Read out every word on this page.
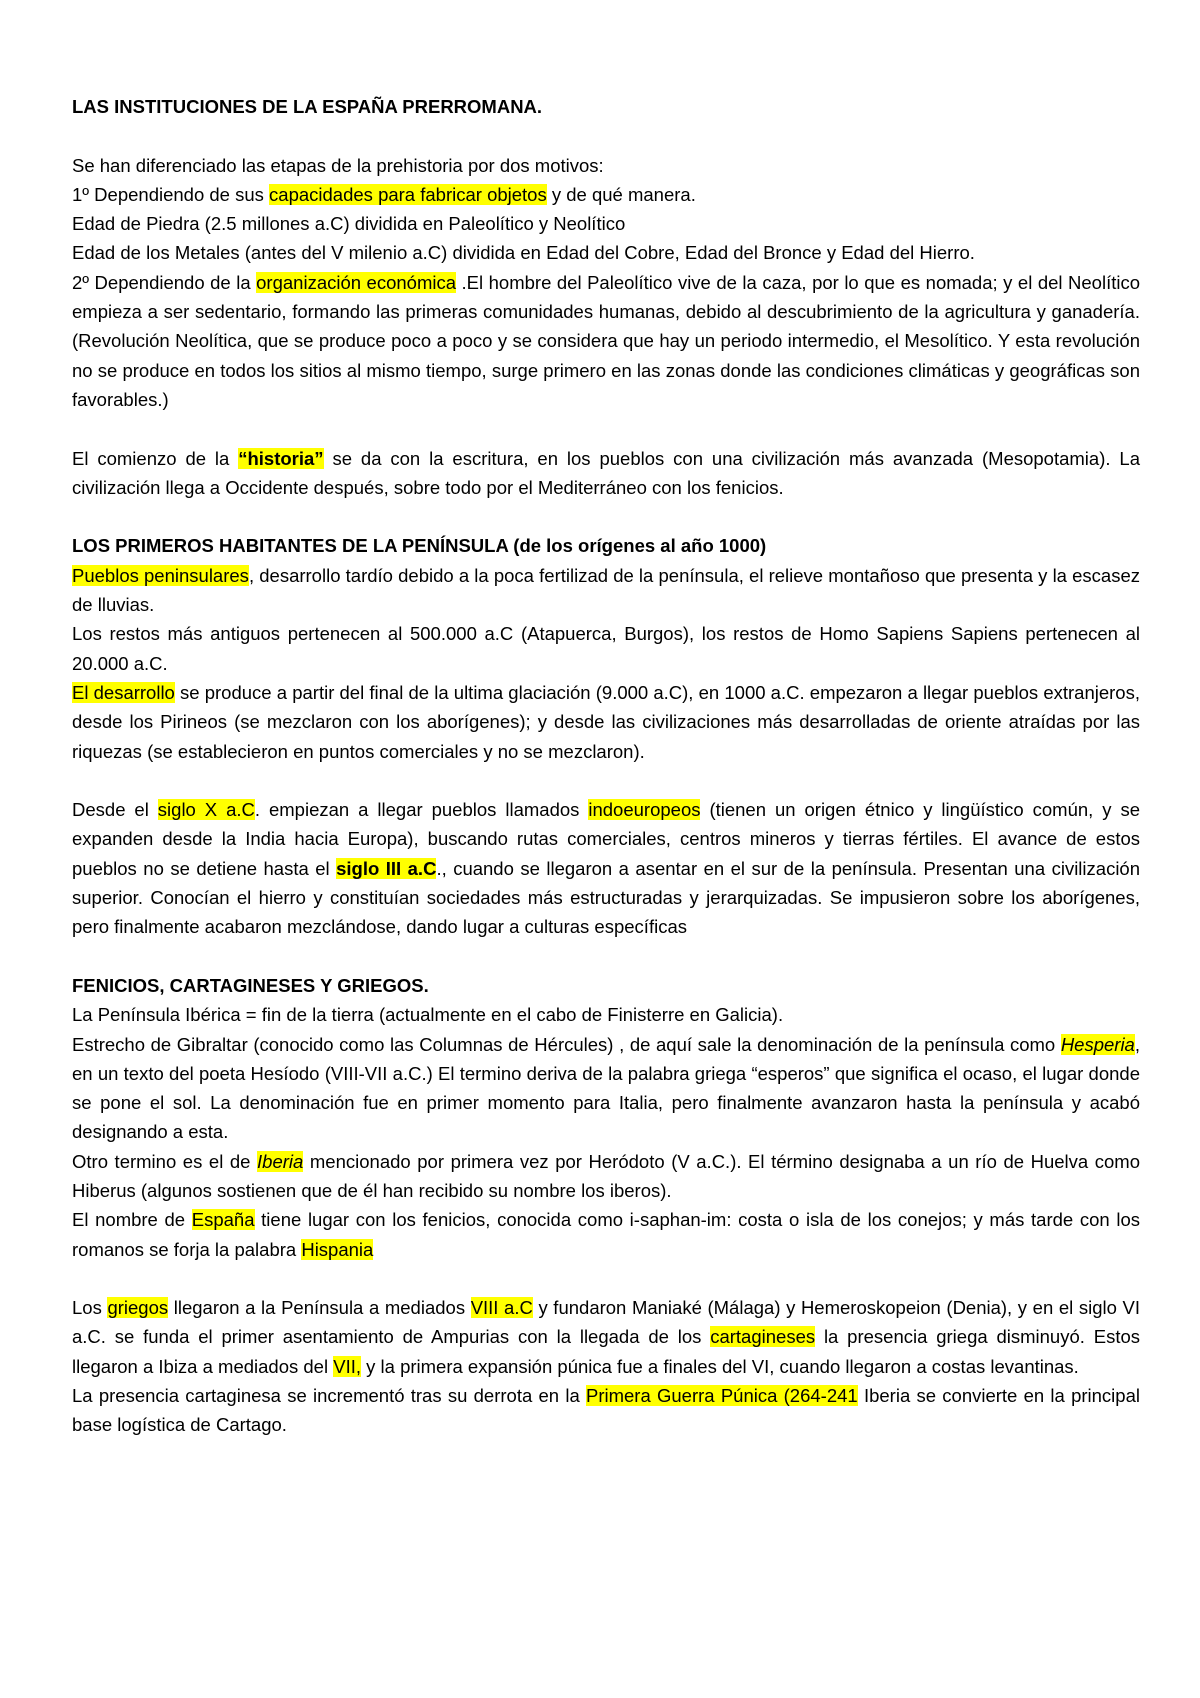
LAS INSTITUCIONES DE LA ESPAÑA PRERROMANA.

Se han diferenciado las etapas de la prehistoria por dos motivos:

1º Dependiendo de sus capacidades para fabricar objetos y de qué manera.

Edad de Piedra (2.5 millones a.C) dividida en Paleolítico y Neolítico

Edad de los Metales (antes del V milenio a.C) dividida en Edad del Cobre, Edad del Bronce y Edad del Hierro.

2º Dependiendo de la organización económica .El hombre del Paleolítico vive de la caza, por lo que es nomada; y el del Neolítico empieza a ser sedentario, formando las primeras comunidades humanas, debido al descubrimiento de la agricultura y ganadería. (Revolución Neolítica, que se produce poco a poco y se considera que hay un periodo intermedio, el Mesolítico. Y esta revolución no se produce en todos los sitios al mismo tiempo, surge primero en las zonas donde las condiciones climáticas y geográficas son favorables.)

El comienzo de la “historia” se da con la escritura, en los pueblos con una civilización más avanzada (Mesopotamia). La civilización llega a Occidente después, sobre todo por el Mediterráneo con los fenicios.

LOS PRIMEROS HABITANTES DE LA PENÍNSULA (de los orígenes al año 1000)

Pueblos peninsulares, desarrollo tardío debido a la poca fertilizad de la península, el relieve montañoso que presenta y la escasez de lluvias.

Los restos más antiguos pertenecen al 500.000 a.C (Atapuerca, Burgos), los restos de Homo Sapiens Sapiens pertenecen al 20.000 a.C.

El desarrollo se produce a partir del final de la ultima glaciación (9.000 a.C), en 1000 a.C. empezaron a llegar pueblos extranjeros, desde los Pirineos (se mezclaron con los aborígenes); y desde las civilizaciones más desarrolladas de oriente atraídas por las riquezas (se establecieron en puntos comerciales y no se mezclaron).

Desde el siglo X a.C. empiezan a llegar pueblos llamados indoeuropeos (tienen un origen étnico y lingüístico común, y se expanden desde la India hacia Europa), buscando rutas comerciales, centros mineros y tierras fértiles. El avance de estos pueblos no se detiene hasta el siglo III a.C., cuando se llegaron a asentar en el sur de la península. Presentan una civilización superior. Conocían el hierro y constituían sociedades más estructuradas y jerarquizadas. Se impusieron sobre los aborígenes, pero finalmente acabaron mezclándose, dando lugar a culturas específicas

FENICIOS, CARTAGINESES Y GRIEGOS.

La Península Ibérica = fin de la tierra (actualmente en el cabo de Finisterre en Galicia).

Estrecho de Gibraltar (conocido como las Columnas de Hércules) , de aquí sale la denominación de la península como Hesperia, en un texto del poeta Hesíodo (VIII-VII a.C.) El termino deriva de la palabra griega “esperos” que significa el ocaso, el lugar donde se pone el sol. La denominación fue en primer momento para Italia, pero finalmente avanzaron hasta la península y acabó designando a esta.

Otro termino es el de Iberia mencionado por primera vez por Heródoto (V a.C.). El término designaba a un río de Huelva como Hiberus (algunos sostienen que de él han recibido su nombre los iberos).

El nombre de España tiene lugar con los fenicios, conocida como i-saphan-im: costa o isla de los conejos; y más tarde con los romanos se forja la palabra Hispania

Los griegos llegaron a la Península a mediados VIII a.C y fundaron Maniaké (Málaga) y Hemeroskopeion (Denia), y en el siglo VI a.C. se funda el primer asentamiento de Ampurias con la llegada de los cartagineses la presencia griega disminuyó. Estos llegaron a Ibiza a mediados del VII, y la primera expansión púnica fue a finales del VI, cuando llegaron a costas levantinas.

La presencia cartaginesa se incrementó tras su derrota en la Primera Guerra Púnica (264-241 Iberia se convierte en la principal base logística de Cartago.
